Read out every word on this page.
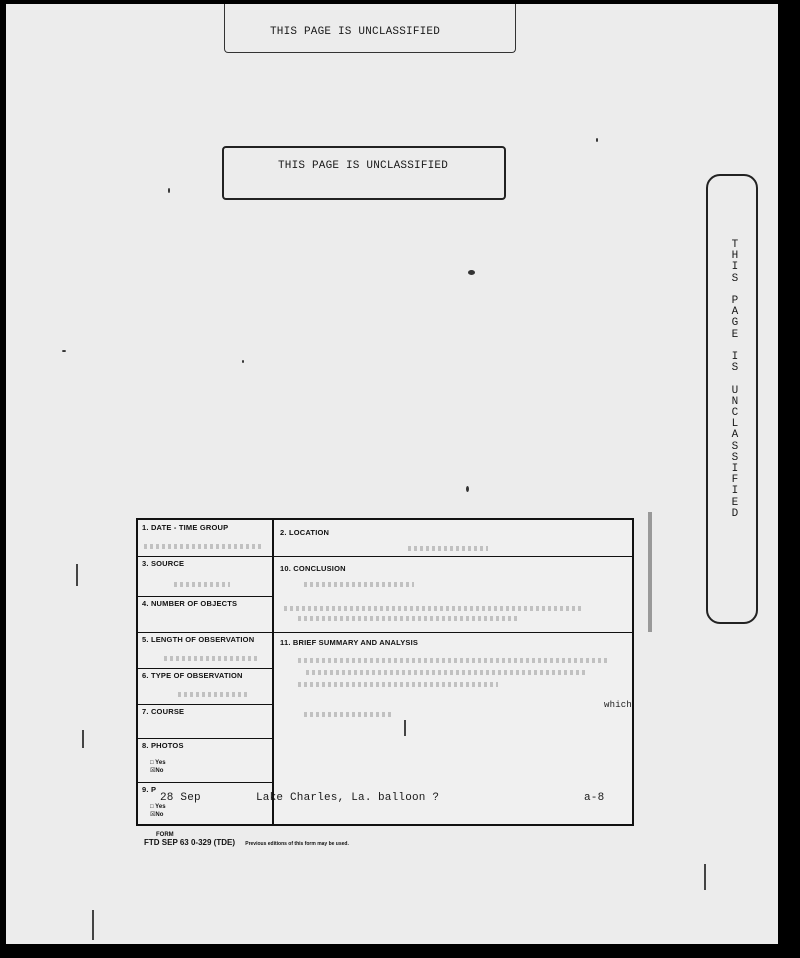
THIS PAGE IS UNCLASSIFIED
THIS PAGE IS UNCLASSIFIED
T
H
I
S

P
A
G
E

I
S

U
N
C
L
A
S
S
I
F
I
E
D
1. DATE - TIME GROUP
3. SOURCE
4. NUMBER OF OBJECTS
5. LENGTH OF OBSERVATION
6. TYPE OF OBSERVATION
7. COURSE
8. PHOTOS
□ Yes
☒No
9. P
□ Yes
☒No
2. LOCATION
10. CONCLUSION
11. BRIEF SUMMARY AND ANALYSIS
which
28 Sep	Lake Charles, La. balloon ?	a-8
FORM
FTD SEP 63 0-329 (TDE) Previous editions of this form may be used.
